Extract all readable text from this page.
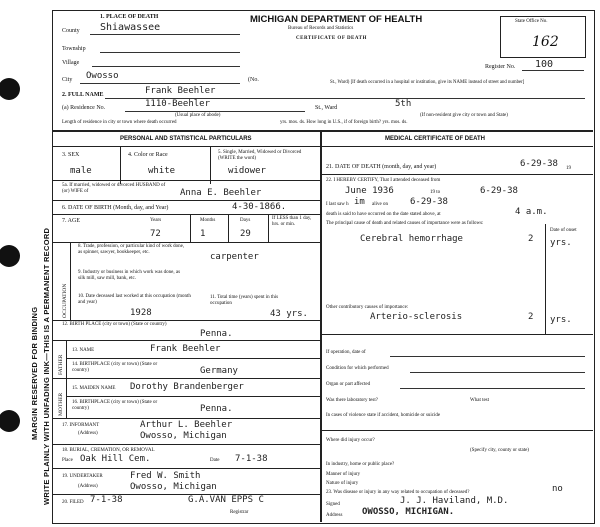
MARGIN RESERVED FOR BINDING WRITE PLAINLY WITH UNFADING INK—THIS IS A PERMANENT RECORD
1. PLACE OF DEATH	MICHIGAN DEPARTMENT OF HEALTH
Bureau of Records and Statistics
CERTIFICATE OF DEATH
State Office No.
162
Register No. 100
County Shiawassee
Township
Village
City Owosso	(No.	St., Ward) [If death occurred in a hospital or institution, give its NAME instead of street and number]
2. FULL NAME	Frank Beehler
(a) Residence No.	1110-Beehler	St., Ward	5th
(Usual place of abode)	(If non-resident give city or town and State)
Length of residence in city or town where death occurred	yrs. mos. ds. How long in U.S., if of foreign birth? yrs. mos. ds.
PERSONAL AND STATISTICAL PARTICULARS	MEDICAL CERTIFICATE OF DEATH
3. SEX	4. Color or Race	5. Single, Married, Widowed or Divorced (WRITE the word)
male	white	widower
5a. If married, widowed or divorced HUSBAND of (or) WIFE of	Anna E. Beehler
6. DATE OF BIRTH (Month, day, and Year)	4-30-1866.
7. AGE	Years	Months	Days	If LESS than 1 day, hrs. or min.
72	1	29
OCCUPATION
8. Trade, profession, or particular kind of work done, as spinner, sawyer, bookkeeper, etc.	carpenter
9. Industry or business in which work was done, as silk mill, saw mill, bank, etc.
10. Date deceased last worked at this occupation (month and year)
1928
11. Total time (years) spent in this occupation
43 yrs.
12. BIRTH PLACE (city or town) (State or country)
Penna.
FATHER
13. NAME	Frank Beehler
14. BIRTHPLACE (city or town) (State or country)	Germany
MOTHER
15. MAIDEN NAME Dorothy Brandenberger
16. BIRTHPLACE (city or town) (State or country)	Penna.
17. INFORMANT
(Address)
Arthur L. Beehler
Owosso, Michigan
18. BURIAL, CREMATION, OR REMOVAL
Place Oak Hill Cem.	Date 7-1-38
19. UNDERTAKER
(Address)
Fred W. Smith
Owosso, Michigan
20. FILED 7-1-38	G.A.VAN EPPS C
Registrar
21. DATE OF DEATH (month, day, and year)	6-29-38 19
22. I HEREBY CERTIFY, That I attended deceased from
June 1936	19 to	6-29-38
I last saw h im alive on 6-29-38
death is said to have occurred on the date stated above, at	4 a.m.
The principal cause of death and related causes of importance were as follows:
Date of onset
Cerebral hemorrhage	2 yrs.
Other contributory causes of importance:
Arterio-sclerosis	2 yrs.
If operation, date of
Condition for which performed
Organ or part affected
Was there laboratory test?	What test
In cases of violence state if accident, homicide or suicide
Where did injury occur?
(Specify city, county or state)
In industry, home or public place?
Manner of injury
Nature of injury
23. Was disease or injury in any way related to occupation of deceased?	no
Signed	J. J. Haviland, M.D.
Address OWOSSO, MICHIGAN.
